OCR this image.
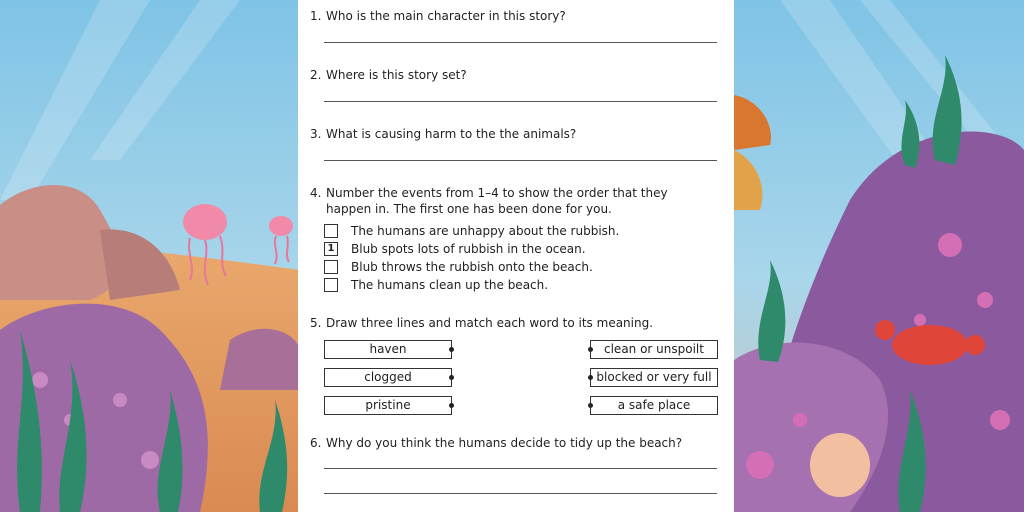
1. Who is the main character in this story?
2. Where is this story set?
3. What is causing harm to the the animals?
4. Number the events from 1–4 to show the order that they happen in. The first one has been done for you.
The humans are unhappy about the rubbish.
1 Blub spots lots of rubbish in the ocean.
Blub throws the rubbish onto the beach.
The humans clean up the beach.
5. Draw three lines and match each word to its meaning.
haven
clogged
pristine
clean or unspoilt
blocked or very full
a safe place
6. Why do you think the humans decide to tidy up the beach?
